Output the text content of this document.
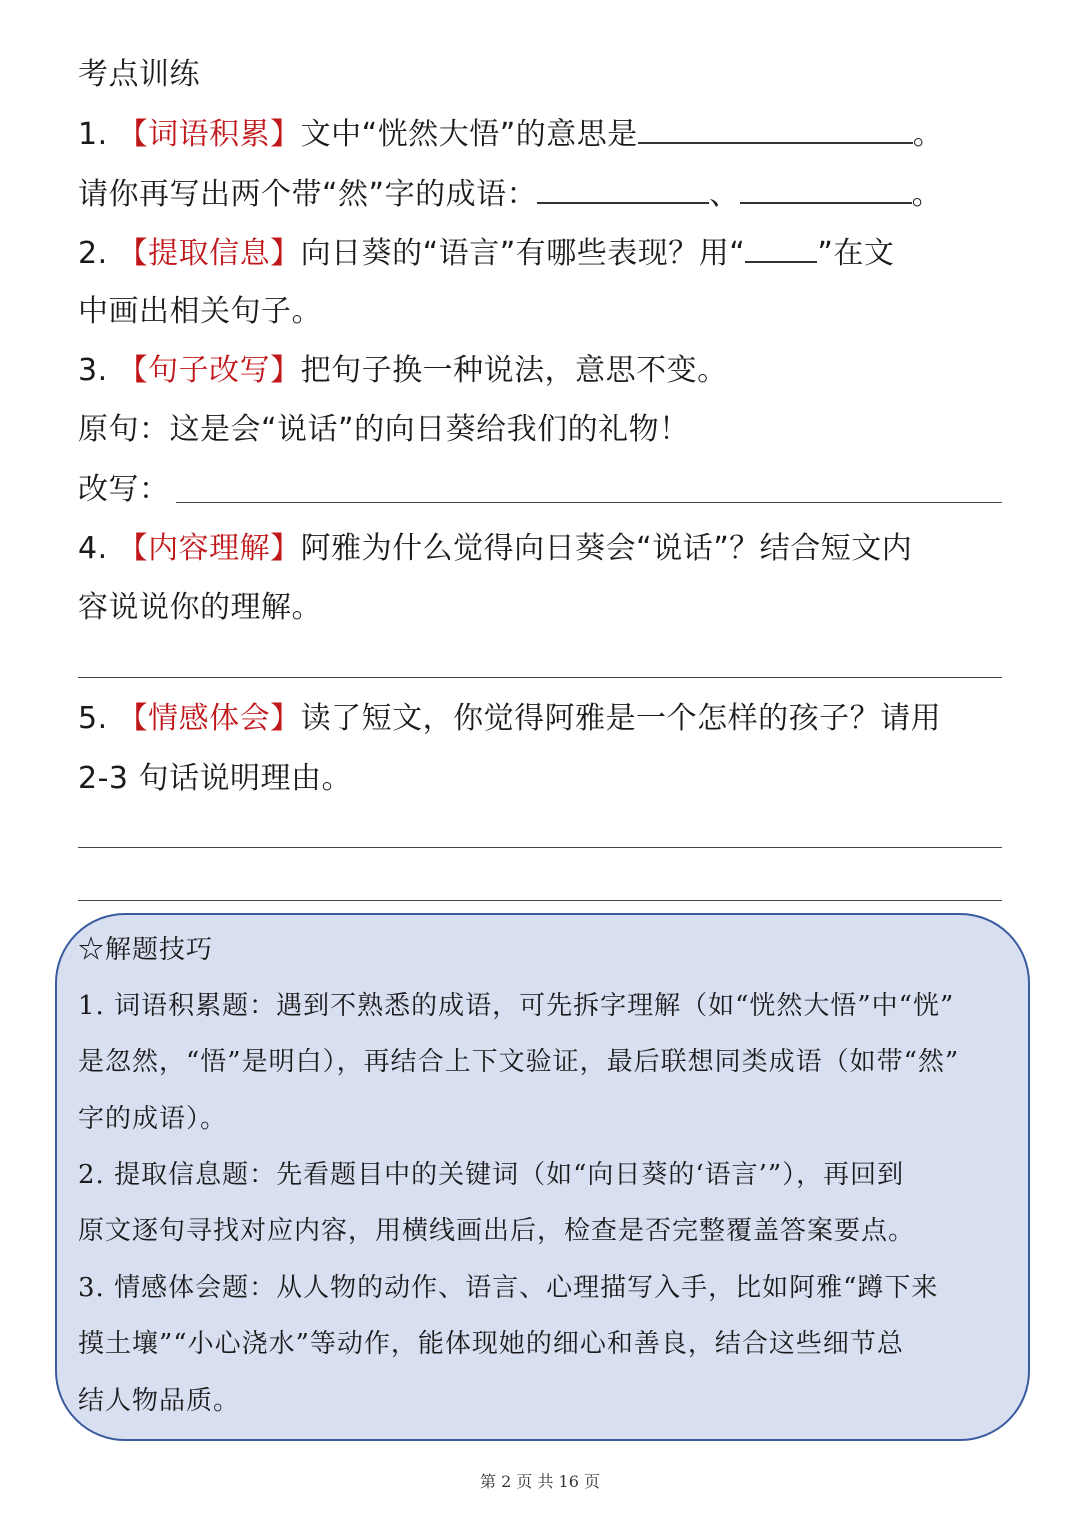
考点训练
1. 【词语积累】文中“恍然大悟”的意思是	。
请你再写出两个带“然”字的成语：	、	。
2. 【提取信息】向日葵的“语言”有哪些表现？用“ ”在文
中画出相关句子。
3. 【句子改写】把句子换一种说法，意思不变。
原句：这是会“说话”的向日葵给我们的礼物！
改写：
4. 【内容理解】阿雅为什么觉得向日葵会“说话”？结合短文内
容说说你的理解。
5. 【情感体会】读了短文，你觉得阿雅是一个怎样的孩子？请用
2-3 句话说明理由。
☆解题技巧
1. 词语积累题：遇到不熟悉的成语，可先拆字理解（如“恍然大悟”中“恍”
是忽然，“悟”是明白），再结合上下文验证，最后联想同类成语（如带“然”
字的成语）。
2. 提取信息题：先看题目中的关键词（如“向日葵的‘语言’”），再回到
原文逐句寻找对应内容，用横线画出后，检查是否完整覆盖答案要点。
3. 情感体会题：从人物的动作、语言、心理描写入手，比如阿雅“蹲下来
摸土壤”“小心浇水”等动作，能体现她的细心和善良，结合这些细节总
结人物品质。
第 2 页 共 16 页
